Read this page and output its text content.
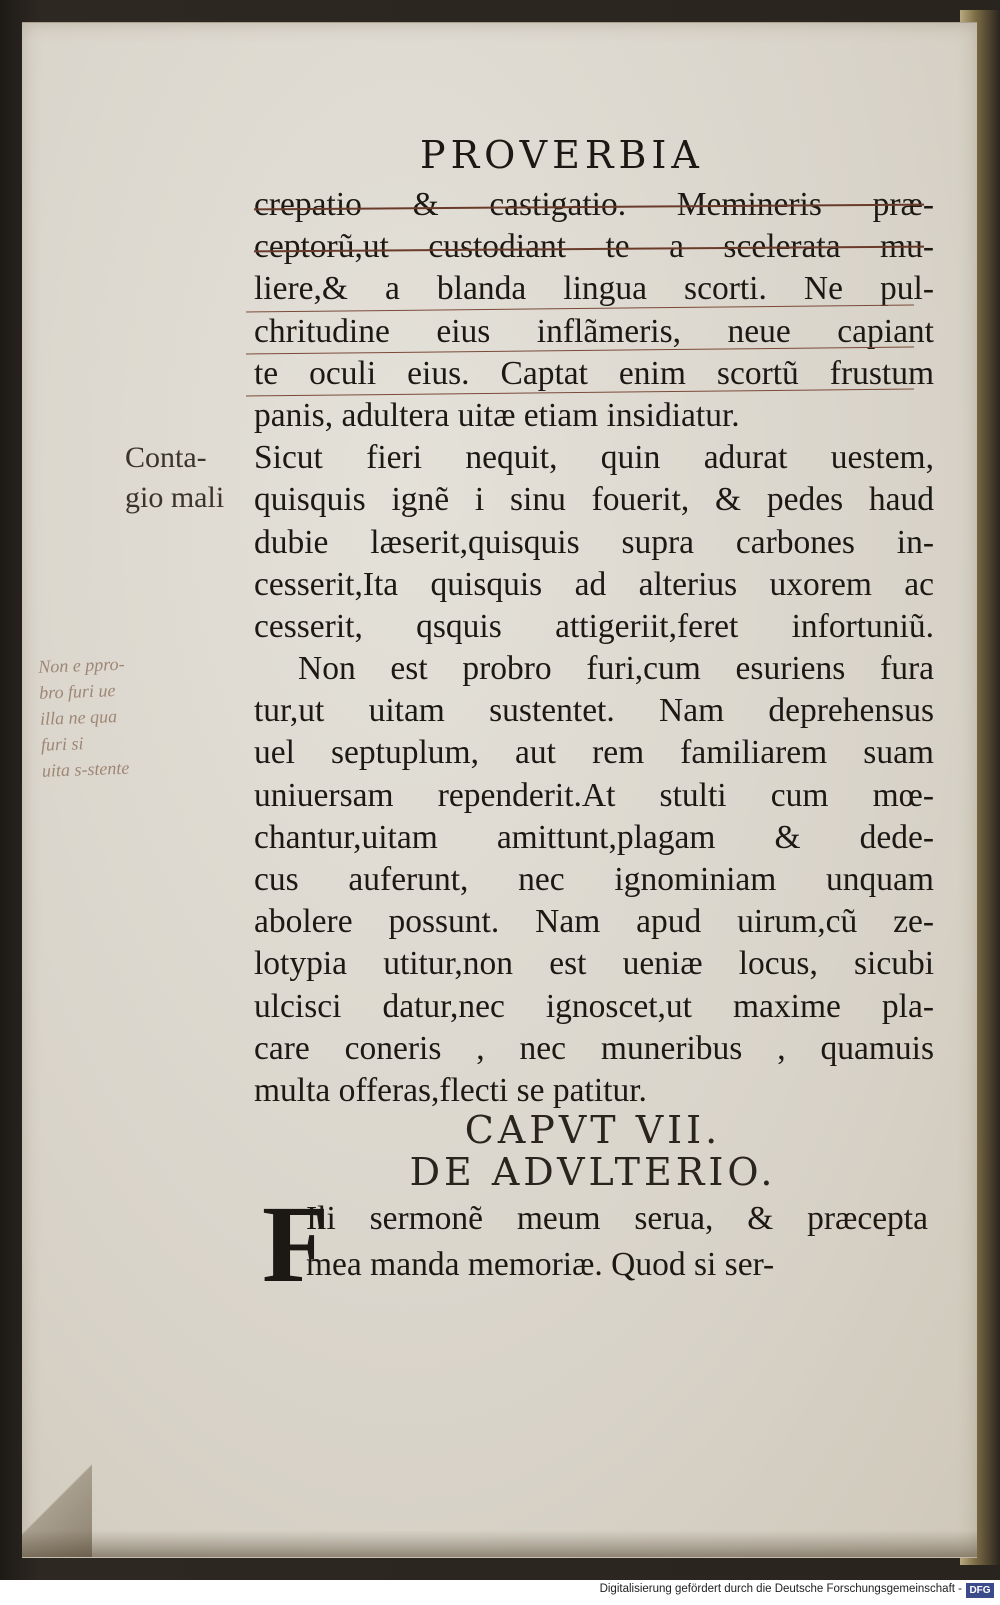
PROVERBIA
Conta-
gio mali
Non e ppro-
bro furi ue
illa ne qua
furi si
uita s-stente
crepatio & castigatio. Memineris præ-
ceptorũ,ut custodiant te a scelerata mu-
liere,& a blanda lingua scorti. Ne pul-
chritudine eius inflãmeris, neue capiant
te oculi eius. Captat enim scortũ frustum
panis, adultera uitæ etiam insidiatur.
Sicut fieri nequit, quin adurat uestem,
quisquis ignẽ i sinu fouerit, & pedes haud
dubie læserit,quisquis supra carbones in-
cesserit,Ita quisquis ad alterius uxorem ac
cesserit, qsquis attigeriit,feret infortuniũ.
Non est probro furi,cum esuriens fura
tur,ut uitam sustentet. Nam deprehensus
uel septuplum, aut rem familiarem suam
uniuersam rependerit.At stulti cum mœ-
chantur,uitam amittunt,plagam & dede-
cus auferunt, nec ignominiam unquam
abolere possunt. Nam apud uirum,cũ ze-
lotypia utitur,non est ueniæ locus, sicubi
ulcisci datur,nec ignoscet,ut maxime pla-
care coneris , nec muneribus , quamuis
multa offeras,flecti se patitur.
CAPVT VII.
DE ADVLTERIO.
F
Ili sermonẽ meum serua, & præcepta
mea manda memoriæ. Quod si ser-
Digitalisierung gefördert durch die Deutsche Forschungsgemeinschaft - DFG
